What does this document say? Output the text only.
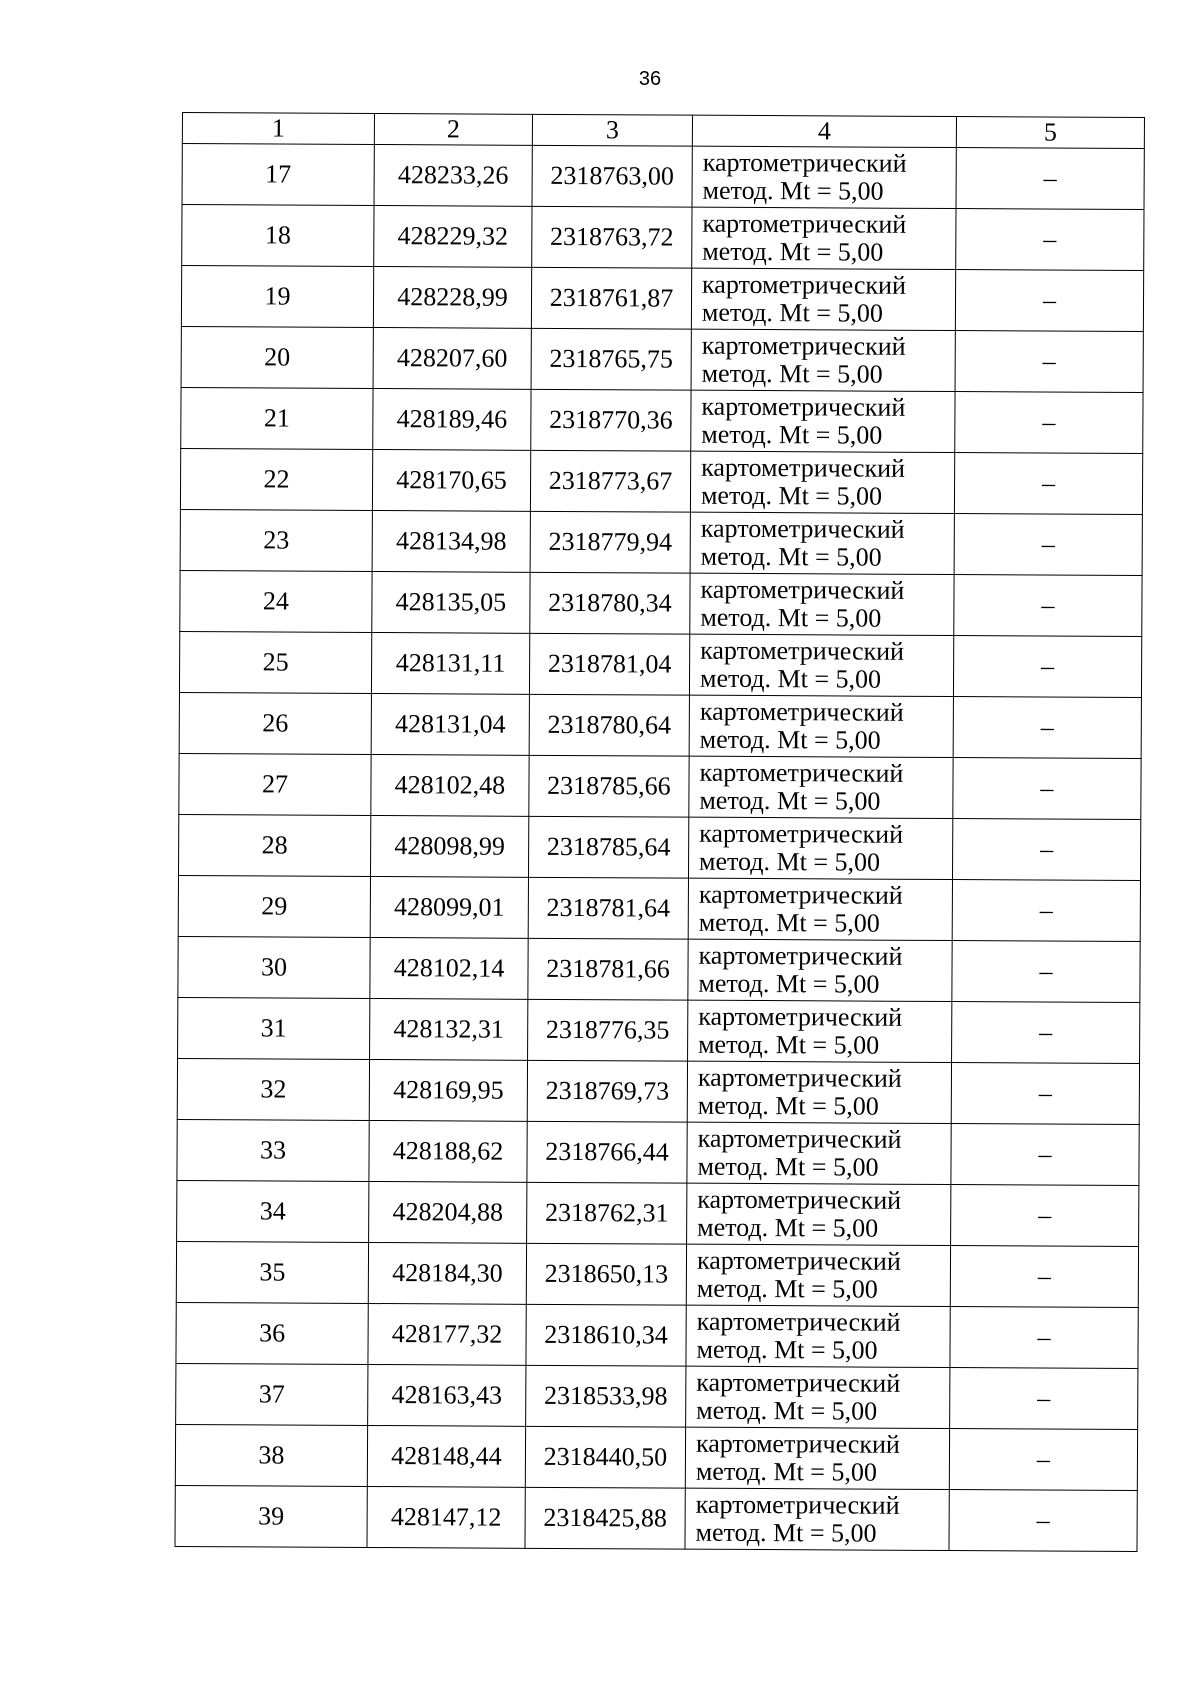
36
1	2	3	4	5
17	428233,26	2318763,00	картометрический
метод. Mt = 5,00	–
18	428229,32	2318763,72	картометрический
метод. Mt = 5,00	–
19	428228,99	2318761,87	картометрический
метод. Mt = 5,00	–
20	428207,60	2318765,75	картометрический
метод. Mt = 5,00	–
21	428189,46	2318770,36	картометрический
метод. Mt = 5,00	–
22	428170,65	2318773,67	картометрический
метод. Mt = 5,00	–
23	428134,98	2318779,94	картометрический
метод. Mt = 5,00	–
24	428135,05	2318780,34	картометрический
метод. Mt = 5,00	–
25	428131,11	2318781,04	картометрический
метод. Mt = 5,00	–
26	428131,04	2318780,64	картометрический
метод. Mt = 5,00	–
27	428102,48	2318785,66	картометрический
метод. Mt = 5,00	–
28	428098,99	2318785,64	картометрический
метод. Mt = 5,00	–
29	428099,01	2318781,64	картометрический
метод. Mt = 5,00	–
30	428102,14	2318781,66	картометрический
метод. Mt = 5,00	–
31	428132,31	2318776,35	картометрический
метод. Mt = 5,00	–
32	428169,95	2318769,73	картометрический
метод. Mt = 5,00	–
33	428188,62	2318766,44	картометрический
метод. Mt = 5,00	–
34	428204,88	2318762,31	картометрический
метод. Mt = 5,00	–
35	428184,30	2318650,13	картометрический
метод. Mt = 5,00	–
36	428177,32	2318610,34	картометрический
метод. Mt = 5,00	–
37	428163,43	2318533,98	картометрический
метод. Mt = 5,00	–
38	428148,44	2318440,50	картометрический
метод. Mt = 5,00	–
39	428147,12	2318425,88	картометрический
метод. Mt = 5,00	–
